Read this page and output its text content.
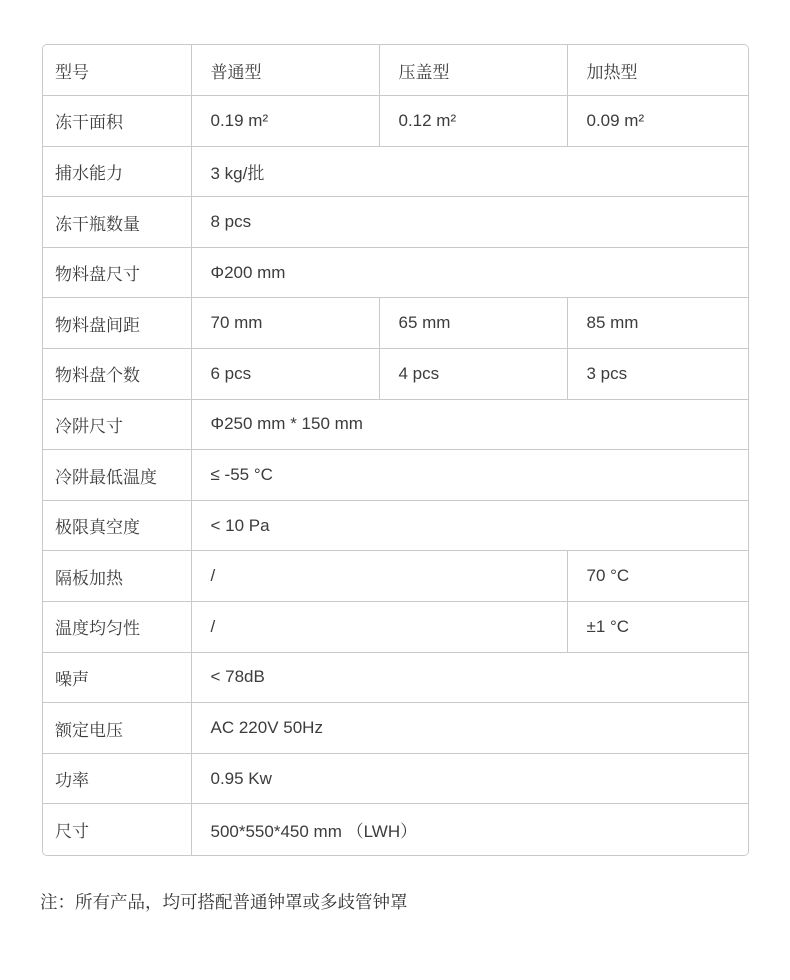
型号	普通型	压盖型	加热型
冻干面积	0.19 m²	0.12 m²	0.09 m²
捕水能力	3 kg/批		
冻干瓶数量	8 pcs		
物料盘尺寸	Φ200 mm		
物料盘间距	70 mm	65 mm	85 mm
物料盘个数	6 pcs	4 pcs	3 pcs
冷阱尺寸	Φ250 mm * 150 mm		
冷阱最低温度	≤ -55 °C		
极限真空度	< 10 Pa		
隔板加热	/		70 °C
温度均匀性	/		±1 °C
噪声	< 78dB		
额定电压	AC 220V 50Hz		
功率	0.95 Kw		
尺寸	500*550*450 mm （LWH）		
注：所有产品，均可搭配普通钟罩或多歧管钟罩
